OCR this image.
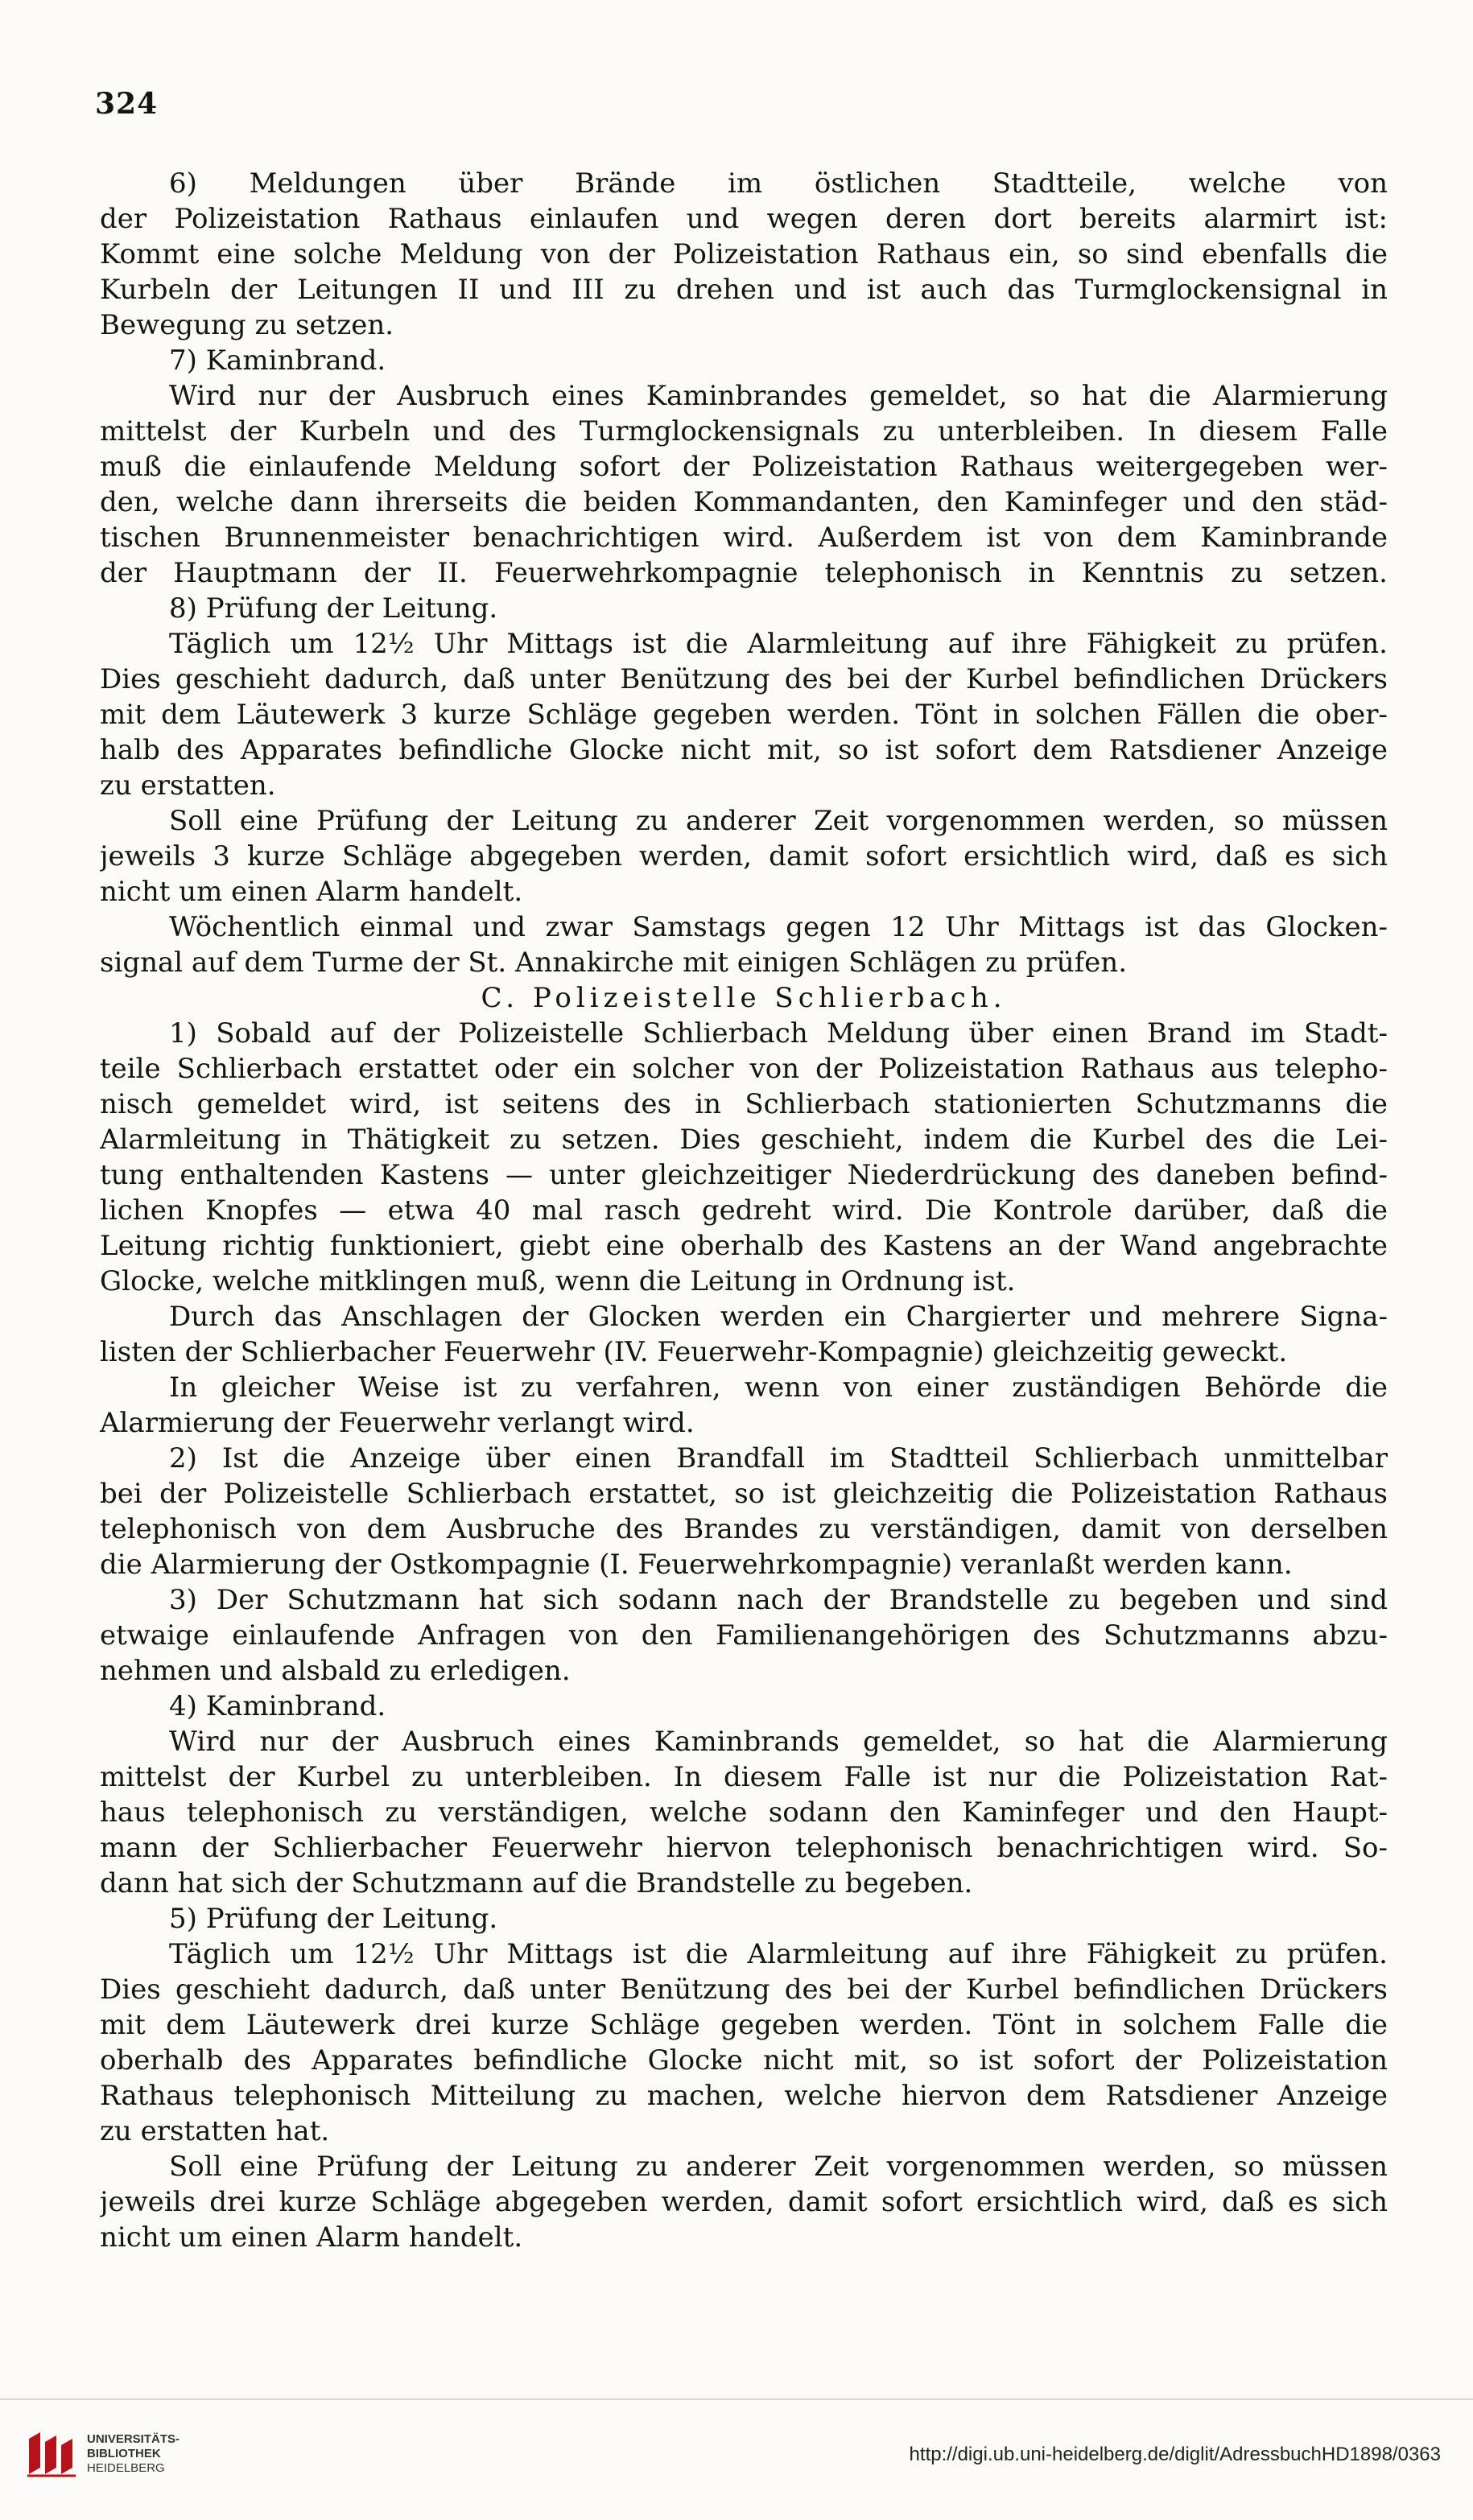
324
6) Meldungen über Brände im östlichen Stadtteile, welche von
der Polizeistation Rathaus einlaufen und wegen deren dort bereits alarmirt ist:
Kommt eine solche Meldung von der Polizeistation Rathaus ein, so sind ebenfalls die
Kurbeln der Leitungen II und III zu drehen und ist auch das Turmglockensignal in
Bewegung zu setzen.
7) Kaminbrand.
Wird nur der Ausbruch eines Kaminbrandes gemeldet, so hat die Alarmierung
mittelst der Kurbeln und des Turmglockensignals zu unterbleiben. In diesem Falle
muß die einlaufende Meldung sofort der Polizeistation Rathaus weitergegeben wer-
den, welche dann ihrerseits die beiden Kommandanten, den Kaminfeger und den städ-
tischen Brunnenmeister benachrichtigen wird. Außerdem ist von dem Kaminbrande
der Hauptmann der II. Feuerwehrkompagnie telephonisch in Kenntnis zu setzen.
8) Prüfung der Leitung.
Täglich um 12½ Uhr Mittags ist die Alarmleitung auf ihre Fähigkeit zu prüfen.
Dies geschieht dadurch, daß unter Benützung des bei der Kurbel befindlichen Drückers
mit dem Läutewerk 3 kurze Schläge gegeben werden. Tönt in solchen Fällen die ober-
halb des Apparates befindliche Glocke nicht mit, so ist sofort dem Ratsdiener Anzeige
zu erstatten.
Soll eine Prüfung der Leitung zu anderer Zeit vorgenommen werden, so müssen
jeweils 3 kurze Schläge abgegeben werden, damit sofort ersichtlich wird, daß es sich
nicht um einen Alarm handelt.
Wöchentlich einmal und zwar Samstags gegen 12 Uhr Mittags ist das Glocken-
signal auf dem Turme der St. Annakirche mit einigen Schlägen zu prüfen.
C. Polizeistelle Schlierbach.
1) Sobald auf der Polizeistelle Schlierbach Meldung über einen Brand im Stadt-
teile Schlierbach erstattet oder ein solcher von der Polizeistation Rathaus aus telepho-
nisch gemeldet wird, ist seitens des in Schlierbach stationierten Schutzmanns die
Alarmleitung in Thätigkeit zu setzen. Dies geschieht, indem die Kurbel des die Lei-
tung enthaltenden Kastens — unter gleichzeitiger Niederdrückung des daneben befind-
lichen Knopfes — etwa 40 mal rasch gedreht wird. Die Kontrole darüber, daß die
Leitung richtig funktioniert, giebt eine oberhalb des Kastens an der Wand angebrachte
Glocke, welche mitklingen muß, wenn die Leitung in Ordnung ist.
Durch das Anschlagen der Glocken werden ein Chargierter und mehrere Signa-
listen der Schlierbacher Feuerwehr (IV. Feuerwehr-Kompagnie) gleichzeitig geweckt.
In gleicher Weise ist zu verfahren, wenn von einer zuständigen Behörde die
Alarmierung der Feuerwehr verlangt wird.
2) Ist die Anzeige über einen Brandfall im Stadtteil Schlierbach unmittelbar
bei der Polizeistelle Schlierbach erstattet, so ist gleichzeitig die Polizeistation Rathaus
telephonisch von dem Ausbruche des Brandes zu verständigen, damit von derselben
die Alarmierung der Ostkompagnie (I. Feuerwehrkompagnie) veranlaßt werden kann.
3) Der Schutzmann hat sich sodann nach der Brandstelle zu begeben und sind
etwaige einlaufende Anfragen von den Familienangehörigen des Schutzmanns abzu-
nehmen und alsbald zu erledigen.
4) Kaminbrand.
Wird nur der Ausbruch eines Kaminbrands gemeldet, so hat die Alarmierung
mittelst der Kurbel zu unterbleiben. In diesem Falle ist nur die Polizeistation Rat-
haus telephonisch zu verständigen, welche sodann den Kaminfeger und den Haupt-
mann der Schlierbacher Feuerwehr hiervon telephonisch benachrichtigen wird. So-
dann hat sich der Schutzmann auf die Brandstelle zu begeben.
5) Prüfung der Leitung.
Täglich um 12½ Uhr Mittags ist die Alarmleitung auf ihre Fähigkeit zu prüfen.
Dies geschieht dadurch, daß unter Benützung des bei der Kurbel befindlichen Drückers
mit dem Läutewerk drei kurze Schläge gegeben werden. Tönt in solchem Falle die
oberhalb des Apparates befindliche Glocke nicht mit, so ist sofort der Polizeistation
Rathaus telephonisch Mitteilung zu machen, welche hiervon dem Ratsdiener Anzeige
zu erstatten hat.
Soll eine Prüfung der Leitung zu anderer Zeit vorgenommen werden, so müssen
jeweils drei kurze Schläge abgegeben werden, damit sofort ersichtlich wird, daß es sich
nicht um einen Alarm handelt.
UNIVERSITÄTS-
BIBLIOTHEK
HEIDELBERG
http://digi.ub.uni-heidelberg.de/diglit/AdressbuchHD1898/0363
